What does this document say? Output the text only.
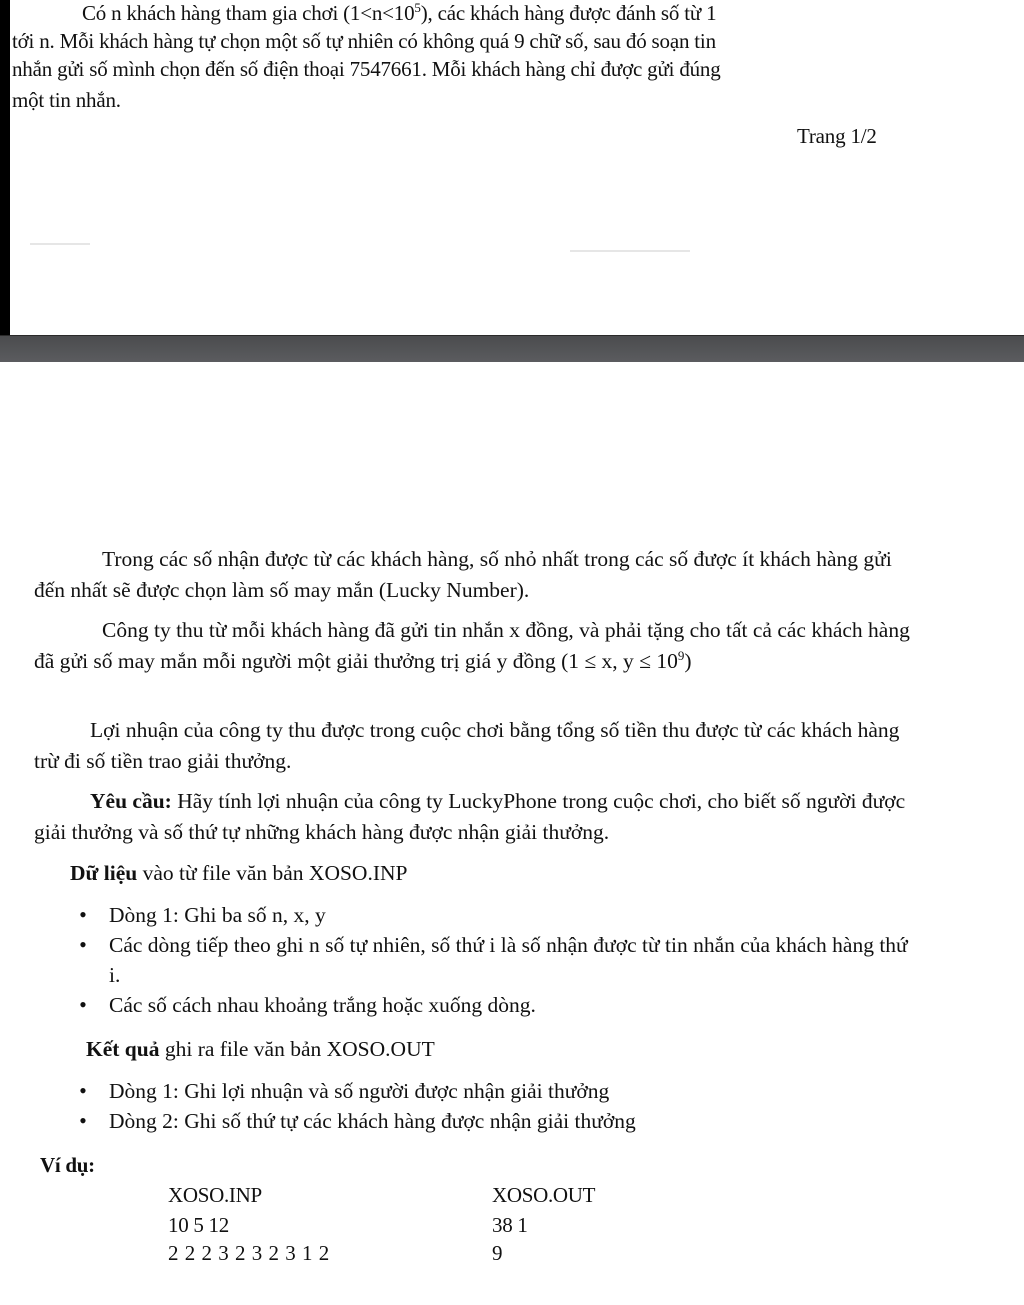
Có n khách hàng tham gia chơi $(1<n<10^5)$, các khách hàng được đánh số từ 1
tới n. Mỗi khách hàng tự chọn một số tự nhiên có không quá 9 chữ số, sau đó soạn tin
nhắn gửi số mình chọn đến số điện thoại 7547661. Mỗi khách hàng chỉ được gửi đúng
một tin nhắn.
Trang 1/2

Trong các số nhận được từ các khách hàng, số nhỏ nhất trong các số được ít khách hàng gửi đến nhất sẽ được chọn làm số may mắn (Lucky Number).

Công ty thu từ mỗi khách hàng đã gửi tin nhắn x đồng, và phải tặng cho tất cả các khách hàng đã gửi số may mắn mỗi người một giải thưởng trị giá y đồng (1 ≤ x, $y \le 10^9$)

Lợi nhuận của công ty thu được trong cuộc chơi bằng tổng số tiền thu được từ các khách hàng trừ đi số tiền trao giải thưởng.

Yêu cầu: Hãy tính lợi nhuận của công ty LuckyPhone trong cuộc chơi, cho biết số người được giải thưởng và số thứ tự những khách hàng được nhận giải thưởng.

Dữ liệu vào từ file văn bản XOSO.INP

• Dòng 1: Ghi ba số n, x, y
• Các dòng tiếp theo ghi n số tự nhiên, số thứ i là số nhận được từ tin nhắn của khách hàng thứ i.
• Các số cách nhau khoảng trắng hoặc xuống dòng.

Kết quả ghi ra file văn bản XOSO.OUT

• Dòng 1: Ghi lợi nhuận và số người được nhận giải thưởng
• Dòng 2: Ghi số thứ tự các khách hàng được nhận giải thưởng
Ví dụ:
XOSO.INP
10 5 12
2 2 2 3 2 3 2 3 1 2
XOSO.OUT
38 1
9
